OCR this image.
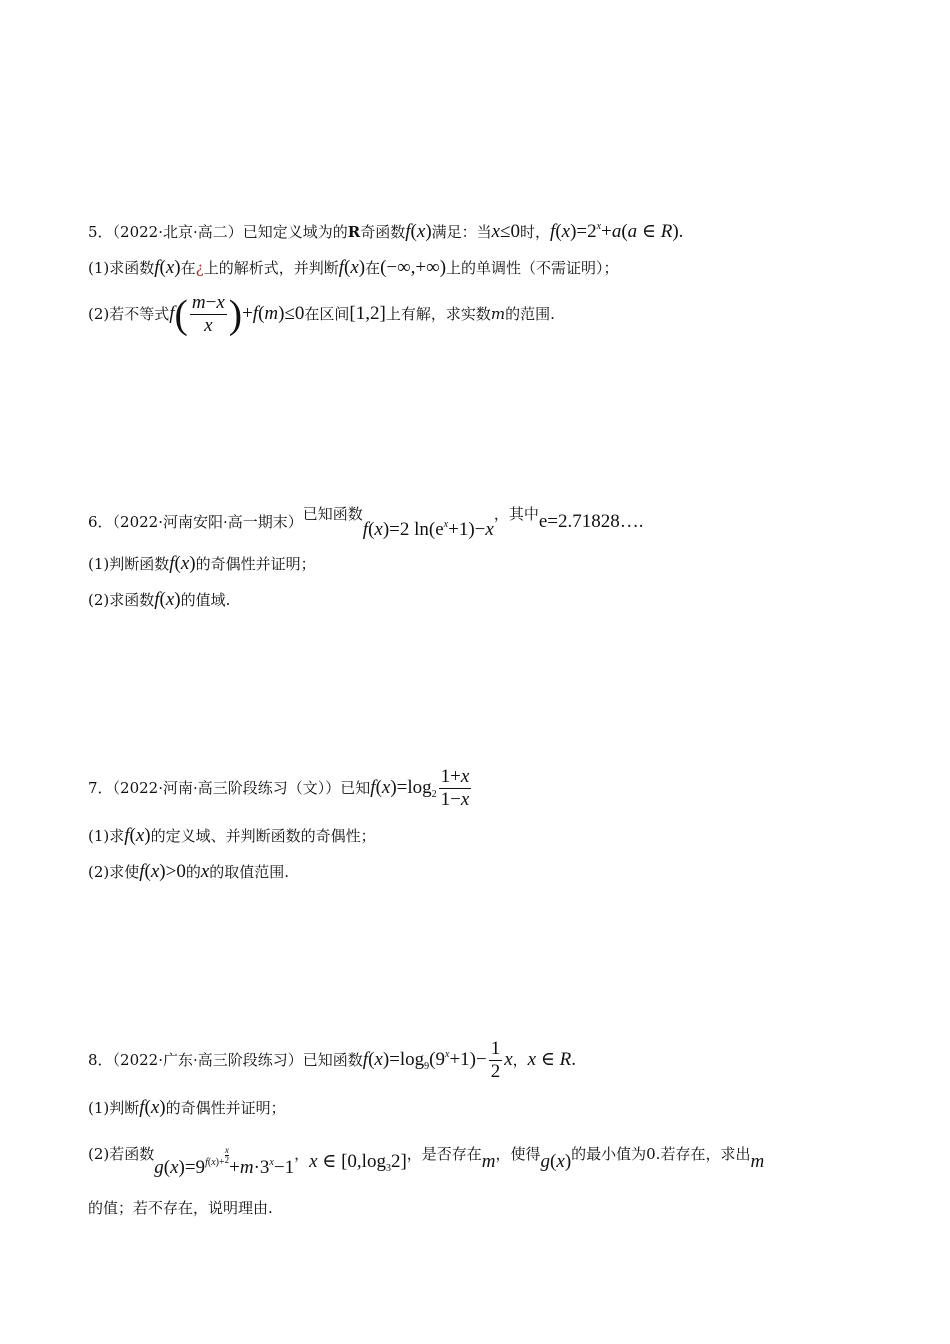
5．（2022·北京·高二）已知定义域为的R奇函数f(x)满足：当x≤0时，$f(x)=2^x+a(a$ ∈ R).
(1)求函数f(x)在¿上的解析式，并判断f(x)在(−∞,+∞)上的单调性（不需证明）；
(2)若不等式$f( \frac{m-x}{x} )+f(m)\le 0$在区间[1,2]上有解，求实数m的范围.
6．（2022·河南安阳·高一期末）已知函数f(x)=2 $\ln(e^x+1)-x$，其中e=2.71828….
(1)判断函数f(x)的奇偶性并证明；
(2)求函数f(x)的值域.
7．（2022·河南·高三阶段练习（文））已知$f(x)=\log_2 \frac{1+x}{1-x}$
(1)求f(x)的定义域、并判断函数的奇偶性；
(2)求使f(x)>0的x的取值范围.
8．（2022·广东·高三阶段练习）已知函数$f(x)=\log_9(9^x+1)- \frac{1}{2}$ x，x ∈ R.
(1)判断f(x)的奇偶性并证明；
(2)若函数$g(x)=9^{f(x)+ \frac{x}{2}}$
$+m\cdot 3^x-1$，x ∈ $[0,\log_32]$，是否存在m，使得g(x)的最小值为0.若存在，求出m
的值；若不存在，说明理由.
